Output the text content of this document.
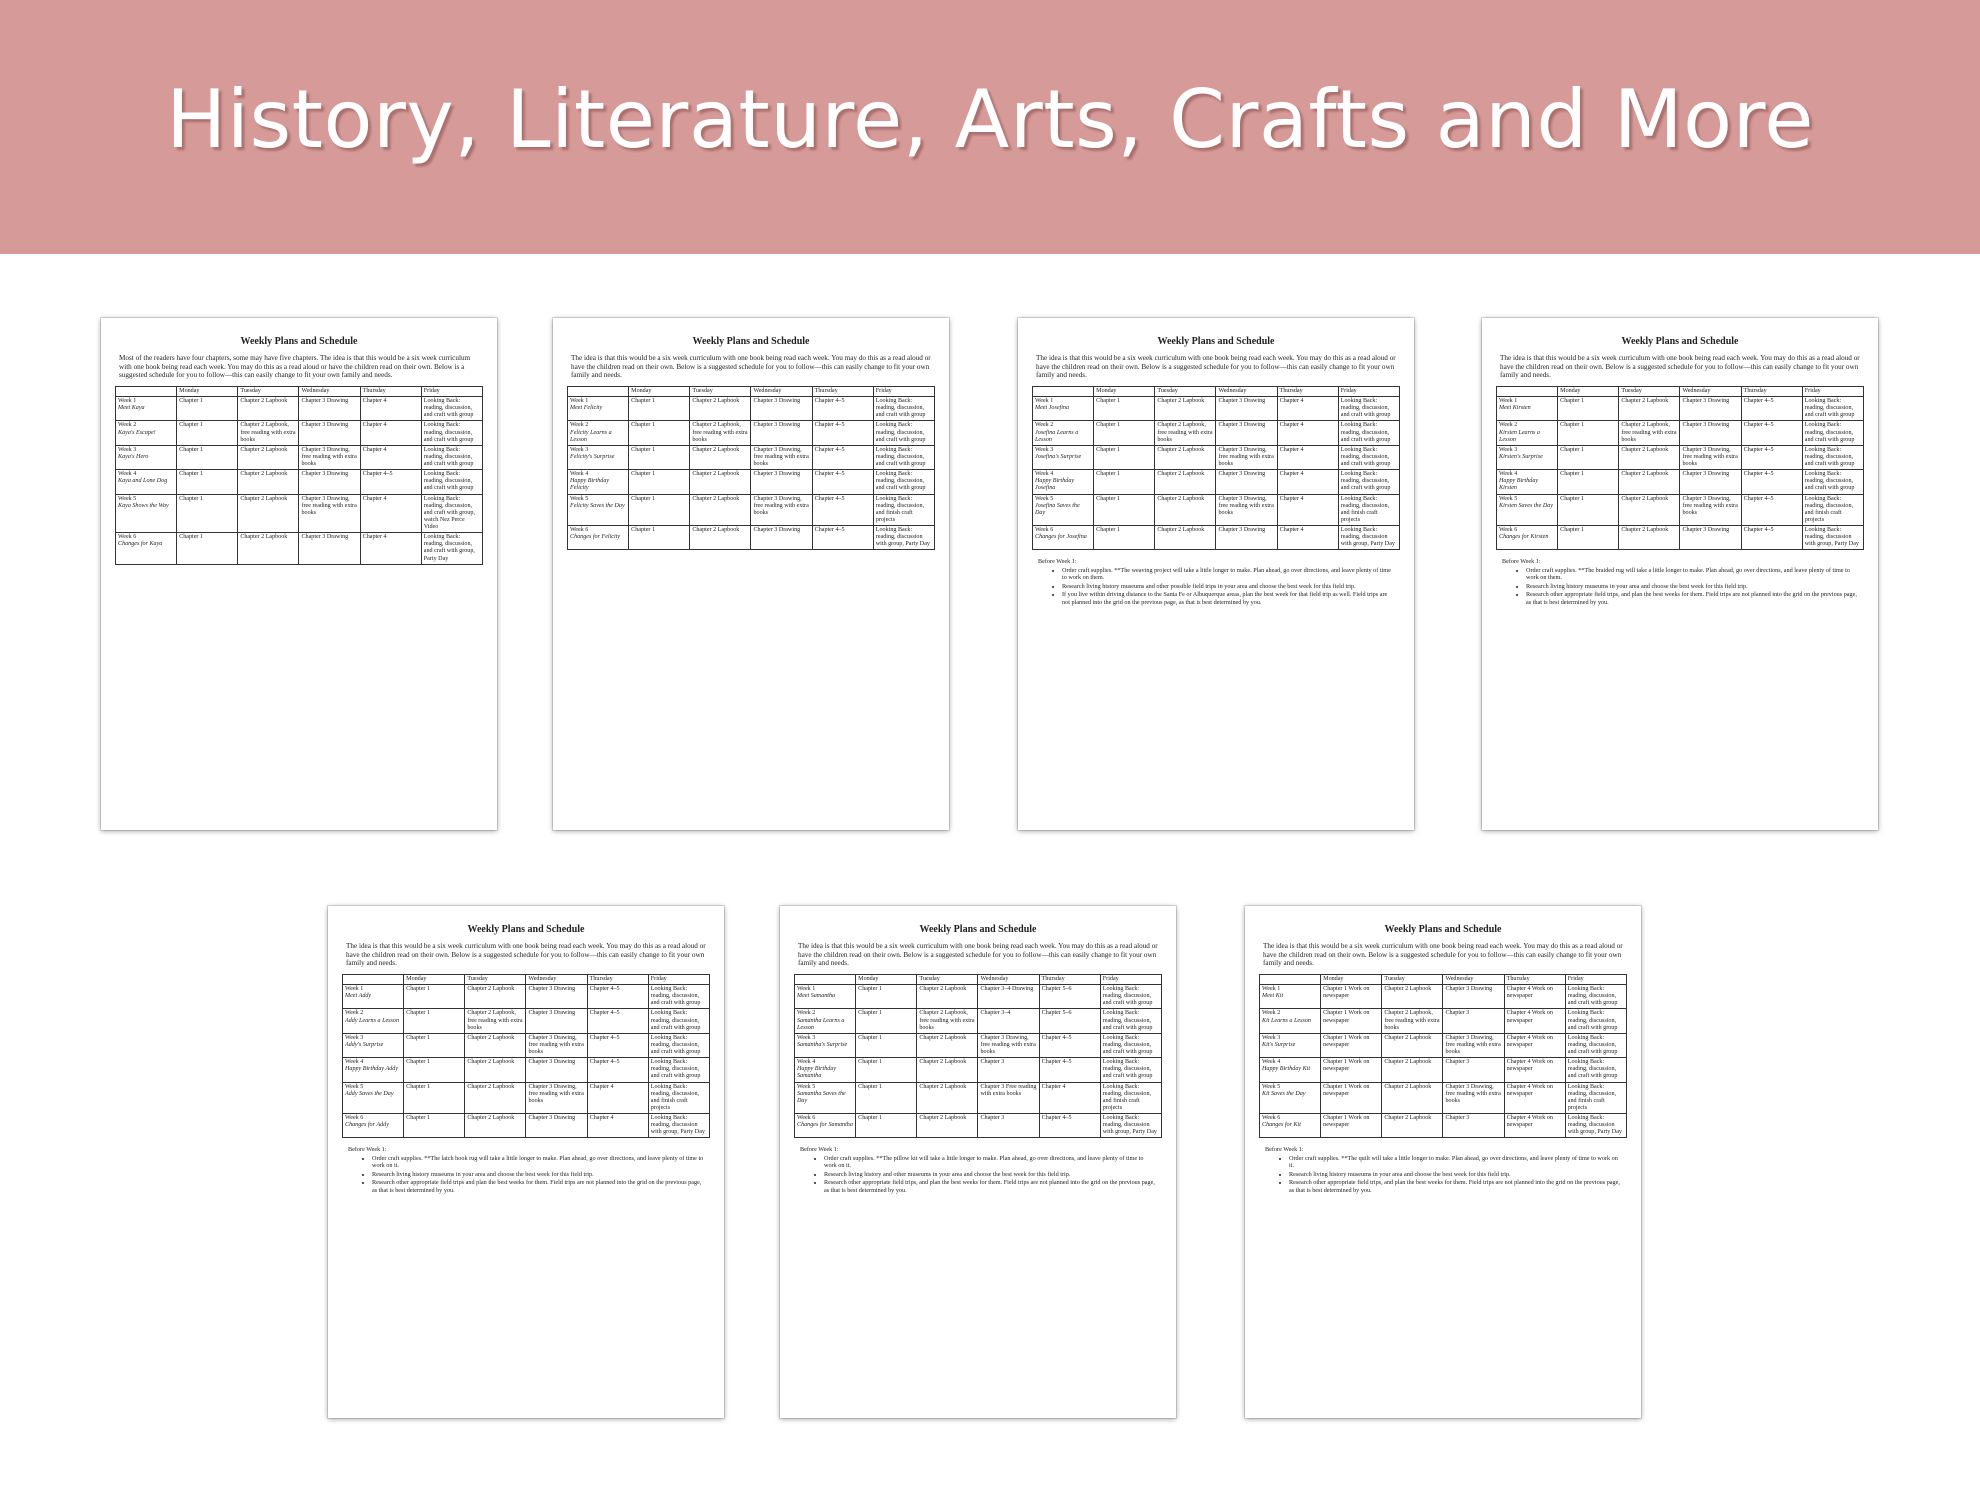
History, Literature, Arts, Crafts and More
Weekly Plans and Schedule

Most of the readers have four chapters, some may have five chapters. The idea is that this would be a six week curriculum with one book being read each week. You may do this as a read aloud or have the children read on their own. Below is a suggested schedule for you to follow—this can easily change to fit your own family and needs.

	Monday	Tuesday	Wednesday	Thursday	Friday

Week 1
Meet Kaya	Chapter 1	Chapter 2 Lapbook	Chapter 3 Drawing	Chapter 4	Looking Back: reading, discussion, and craft with group

Week 2
Kaya's Escape!	Chapter 1	Chapter 2 Lapbook, free reading with extra books	Chapter 3 Drawing	Chapter 4	Looking Back: reading, discussion, and craft with group

Week 3
Kaya's Hero	Chapter 1	Chapter 2 Lapbook	Chapter 3 Drawing, free reading with extra books	Chapter 4	Looking Back: reading, discussion, and craft with group

Week 4
Kaya and Lone Dog	Chapter 1	Chapter 2 Lapbook	Chapter 3 Drawing	Chapter 4–5	Looking Back: reading, discussion, and craft with group

Week 5
Kaya Shows the Way	Chapter 1	Chapter 2 Lapbook	Chapter 3 Drawing, free reading with extra books	Chapter 4	Looking Back: reading, discussion, and craft with group, watch Nez Perce Video

Week 6
Changes for Kaya	Chapter 1	Chapter 2 Lapbook	Chapter 3 Drawing	Chapter 4	Looking Back: reading, discussion, and craft with group, Party Day
Weekly Plans and Schedule

The idea is that this would be a six week curriculum with one book being read each week. You may do this as a read aloud or have the children read on their own. Below is a suggested schedule for you to follow—this can easily change to fit your own family and needs.

	Monday	Tuesday	Wednesday	Thursday	Friday

Week 1
Meet Felicity	Chapter 1	Chapter 2 Lapbook	Chapter 3 Drawing	Chapter 4–5	Looking Back: reading, discussion, and craft with group

Week 2
Felicity Learns a Lesson	Chapter 1	Chapter 2 Lapbook, free reading with extra books	Chapter 3 Drawing	Chapter 4–5	Looking Back: reading, discussion, and craft with group

Week 3
Felicity's Surprise	Chapter 1	Chapter 2 Lapbook	Chapter 3 Drawing, free reading with extra books	Chapter 4–5	Looking Back: reading, discussion, and craft with group

Week 4
Happy Birthday Felicity	Chapter 1	Chapter 2 Lapbook	Chapter 3 Drawing	Chapter 4–5	Looking Back: reading, discussion, and craft with group

Week 5
Felicity Saves the Day	Chapter 1	Chapter 2 Lapbook	Chapter 3 Drawing, free reading with extra books	Chapter 4–5	Looking Back: reading, discussion, and finish craft projects

Week 6
Changes for Felicity	Chapter 1	Chapter 2 Lapbook	Chapter 3 Drawing	Chapter 4–5	Looking Back: reading, discussion with group, Party Day
Weekly Plans and Schedule

The idea is that this would be a six week curriculum with one book being read each week. You may do this as a read aloud or have the children read on their own. Below is a suggested schedule for you to follow—this can easily change to fit your own family and needs.

	Monday	Tuesday	Wednesday	Thursday	Friday

Week 1
Meet Josefina	Chapter 1	Chapter 2 Lapbook	Chapter 3 Drawing	Chapter 4	Looking Back: reading, discussion, and craft with group

Week 2
Josefina Learns a Lesson	Chapter 1	Chapter 2 Lapbook, free reading with extra books	Chapter 3 Drawing	Chapter 4	Looking Back: reading, discussion, and craft with group

Week 3
Josefina's Surprise	Chapter 1	Chapter 2 Lapbook	Chapter 3 Drawing, free reading with extra books	Chapter 4	Looking Back: reading, discussion, and craft with group

Week 4
Happy Birthday Josefina	Chapter 1	Chapter 2 Lapbook	Chapter 3 Drawing	Chapter 4	Looking Back: reading, discussion, and craft with group

Week 5
Josefina Saves the Day	Chapter 1	Chapter 2 Lapbook	Chapter 3 Drawing, free reading with extra books	Chapter 4	Looking Back: reading, discussion, and finish craft projects

Week 6
Changes for Josefina	Chapter 1	Chapter 2 Lapbook	Chapter 3 Drawing	Chapter 4	Looking Back: reading, discussion with group, Party Day
Before Week 1:
• Order craft supplies. **The weaving project will take a little longer to make. Plan ahead, go over directions, and leave plenty of time to work on them.
• Research living history museums and other possible field trips in your area and choose the best week for this field trip.
• If you live within driving distance to the Santa Fe or Albuquerque areas, plan the best week for that field trip as well. Field trips are not planned into the grid on the previous page, as that is best determined by you.
Weekly Plans and Schedule

The idea is that this would be a six week curriculum with one book being read each week. You may do this as a read aloud or have the children read on their own. Below is a suggested schedule for you to follow—this can easily change to fit your own family and needs.

	Monday	Tuesday	Wednesday	Thursday	Friday

Week 1
Meet Kirsten	Chapter 1	Chapter 2 Lapbook	Chapter 3 Drawing	Chapter 4–5	Looking Back: reading, discussion, and craft with group

Week 2
Kirsten Learns a Lesson	Chapter 1	Chapter 2 Lapbook, free reading with extra books	Chapter 3 Drawing	Chapter 4–5	Looking Back: reading, discussion, and craft with group

Week 3
Kirsten's Surprise	Chapter 1	Chapter 2 Lapbook	Chapter 3 Drawing, free reading with extra books	Chapter 4–5	Looking Back: reading, discussion, and craft with group

Week 4
Happy Birthday Kirsten	Chapter 1	Chapter 2 Lapbook	Chapter 3 Drawing	Chapter 4–5	Looking Back: reading, discussion, and craft with group

Week 5
Kirsten Saves the Day	Chapter 1	Chapter 2 Lapbook	Chapter 3 Drawing, free reading with extra books	Chapter 4–5	Looking Back: reading, discussion, and finish craft projects

Week 6
Changes for Kirsten	Chapter 1	Chapter 2 Lapbook	Chapter 3 Drawing	Chapter 4–5	Looking Back: reading, discussion with group, Party Day
Before Week 1:
• Order craft supplies. **The braided rug will take a little longer to make. Plan ahead, go over directions, and leave plenty of time to work on them.
• Research living history museums in your area and choose the best week for this field trip.
• Research other appropriate field trips, and plan the best weeks for them. Field trips are not planned into the grid on the previous page, as that is best determined by you.
Weekly Plans and Schedule

The idea is that this would be a six week curriculum with one book being read each week. You may do this as a read aloud or have the children read on their own. Below is a suggested schedule for you to follow—this can easily change to fit your own family and needs.

	Monday	Tuesday	Wednesday	Thursday	Friday

Week 1
Meet Addy	Chapter 1	Chapter 2 Lapbook	Chapter 3 Drawing	Chapter 4–5	Looking Back: reading, discussion, and craft with group

Week 2
Addy Learns a Lesson	Chapter 1	Chapter 2 Lapbook, free reading with extra books	Chapter 3 Drawing	Chapter 4–5	Looking Back: reading, discussion, and craft with group

Week 3
Addy's Surprise	Chapter 1	Chapter 2 Lapbook	Chapter 3 Drawing, free reading with extra books	Chapter 4–5	Looking Back: reading, discussion, and craft with group

Week 4
Happy Birthday Addy	Chapter 1	Chapter 2 Lapbook	Chapter 3 Drawing	Chapter 4–5	Looking Back: reading, discussion, and craft with group

Week 5
Addy Saves the Day	Chapter 1	Chapter 2 Lapbook	Chapter 3 Drawing, free reading with extra books	Chapter 4	Looking Back: reading, discussion, and finish craft projects

Week 6
Changes for Addy	Chapter 1	Chapter 2 Lapbook	Chapter 3 Drawing	Chapter 4	Looking Back: reading, discussion with group, Party Day
Before Week 1:
• Order craft supplies. **The latch hook rug will take a little longer to make. Plan ahead, go over directions, and leave plenty of time to work on it.
• Research living history museums in your area and choose the best week for this field trip.
• Research other appropriate field trips and plan the best weeks for them. Field trips are not planned into the grid on the previous page, as that is best determined by you.
Weekly Plans and Schedule

The idea is that this would be a six week curriculum with one book being read each week. You may do this as a read aloud or have the children read on their own. Below is a suggested schedule for you to follow—this can easily change to fit your own family and needs.

	Monday	Tuesday	Wednesday	Thursday	Friday

Week 1
Meet Samantha	Chapter 1	Chapter 2 Lapbook	Chapter 3–4 Drawing	Chapter 5–6	Looking Back: reading, discussion, and craft with group

Week 2
Samantha Learns a Lesson	Chapter 1	Chapter 2 Lapbook, free reading with extra books	Chapter 3–4	Chapter 5–6	Looking Back: reading, discussion, and craft with group

Week 3
Samantha's Surprise	Chapter 1	Chapter 2 Lapbook	Chapter 3 Drawing, free reading with extra books	Chapter 4–5	Looking Back: reading, discussion, and craft with group

Week 4
Happy Birthday Samantha	Chapter 1	Chapter 2 Lapbook	Chapter 3	Chapter 4–5	Looking Back: reading, discussion, and craft with group

Week 5
Samantha Saves the Day	Chapter 1	Chapter 2 Lapbook	Chapter 3 Free reading with extra books	Chapter 4	Looking Back: reading, discussion, and finish craft projects

Week 6
Changes for Samantha	Chapter 1	Chapter 2 Lapbook	Chapter 3	Chapter 4–5	Looking Back: reading, discussion with group, Party Day
Before Week 1:
• Order craft supplies. **The pillow kit will take a little longer to make. Plan ahead, go over directions, and leave plenty of time to work on it.
• Research living history and other museums in your area and choose the best week for this field trip.
• Research other appropriate field trips, and plan the best weeks for them. Field trips are not planned into the grid on the previous page, as that is best determined by you.
Weekly Plans and Schedule

The idea is that this would be a six week curriculum with one book being read each week. You may do this as a read aloud or have the children read on their own. Below is a suggested schedule for you to follow—this can easily change to fit your own family and needs.

	Monday	Tuesday	Wednesday	Thursday	Friday

Week 1
Meet Kit	Chapter 1 Work on newspaper	Chapter 2 Lapbook	Chapter 3 Drawing	Chapter 4 Work on newspaper	Looking Back: reading, discussion, and craft with group

Week 2
Kit Learns a Lesson	Chapter 1 Work on newspaper	Chapter 2 Lapbook, free reading with extra books	Chapter 3	Chapter 4 Work on newspaper	Looking Back: reading, discussion, and craft with group

Week 3
Kit's Surprise	Chapter 1 Work on newspaper	Chapter 2 Lapbook	Chapter 3 Drawing, free reading with extra books	Chapter 4 Work on newspaper	Looking Back: reading, discussion, and craft with group

Week 4
Happy Birthday Kit	Chapter 1 Work on newspaper	Chapter 2 Lapbook	Chapter 3	Chapter 4 Work on newspaper	Looking Back: reading, discussion, and craft with group

Week 5
Kit Saves the Day	Chapter 1 Work on newspaper	Chapter 2 Lapbook	Chapter 3 Drawing, free reading with extra books	Chapter 4 Work on newspaper	Looking Back: reading, discussion, and finish craft projects

Week 6
Changes for Kit	Chapter 1 Work on newspaper	Chapter 2 Lapbook	Chapter 3	Chapter 4 Work on newspaper	Looking Back: reading, discussion with group, Party Day
Before Week 1:
• Order craft supplies. **The quilt will take a little longer to make. Plan ahead, go over directions, and leave plenty of time to work on it.
• Research living history museums in your area and choose the best week for this field trip.
• Research other appropriate field trips, and plan the best weeks for them. Field trips are not planned into the grid on the previous page, as that is best determined by you.
